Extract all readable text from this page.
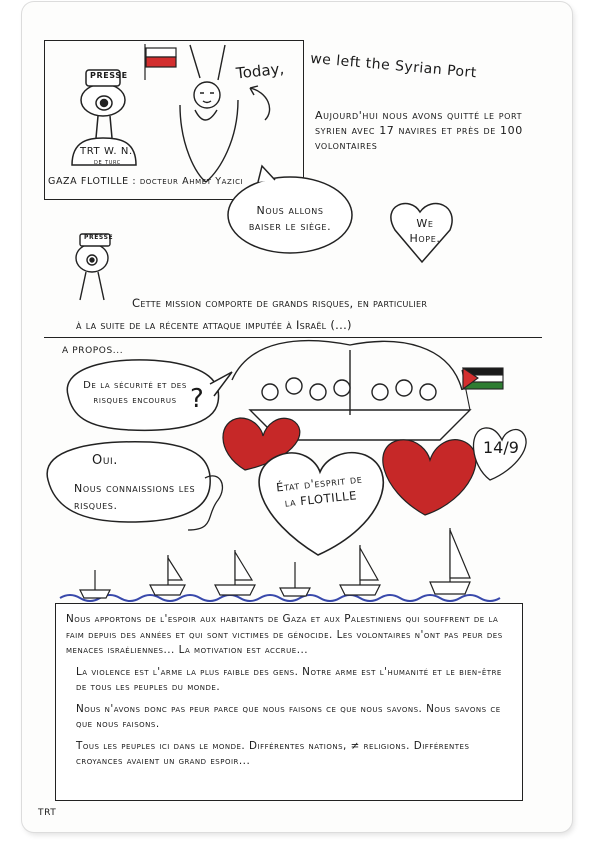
PRESSE
TRT W. N.
de turc
GAZA FLOTILLE : docteur Ahmet Yazici
Today, we left the Syrian Port
Aujourd'hui nous avons quitté le port syrien avec 17 navires et près de 100 volontaires
Nous allons baiser le siège.	We Hope.
PRESSE
Cette mission comporte de grands risques, en particulier
à la suite de la récente attaque imputée à Israël (...)
A PROPOS...
De la sécurité et des risques encourus ?
Oui.
Nous connaissions les risques.
État d'esprit de la FLOTILLE
14/9

Nous apportons de l'espoir aux habitants de Gaza et aux Palestiniens qui souffrent de la faim depuis des années et qui sont victimes de génocide. Les volontaires n'ont pas peur des menaces israéliennes... La motivation est accrue...

La violence est l'arme la plus faible des gens. Notre arme est l'humanité et le bien-être de tous les peuples du monde.

Nous n'avons donc pas peur parce que nous faisons ce que nous savons. Nous savons ce que nous faisons.

Tous les peuples ici dans le monde. Différentes nations, ≠ religions. Différentes croyances avaient un grand espoir...

TRT
